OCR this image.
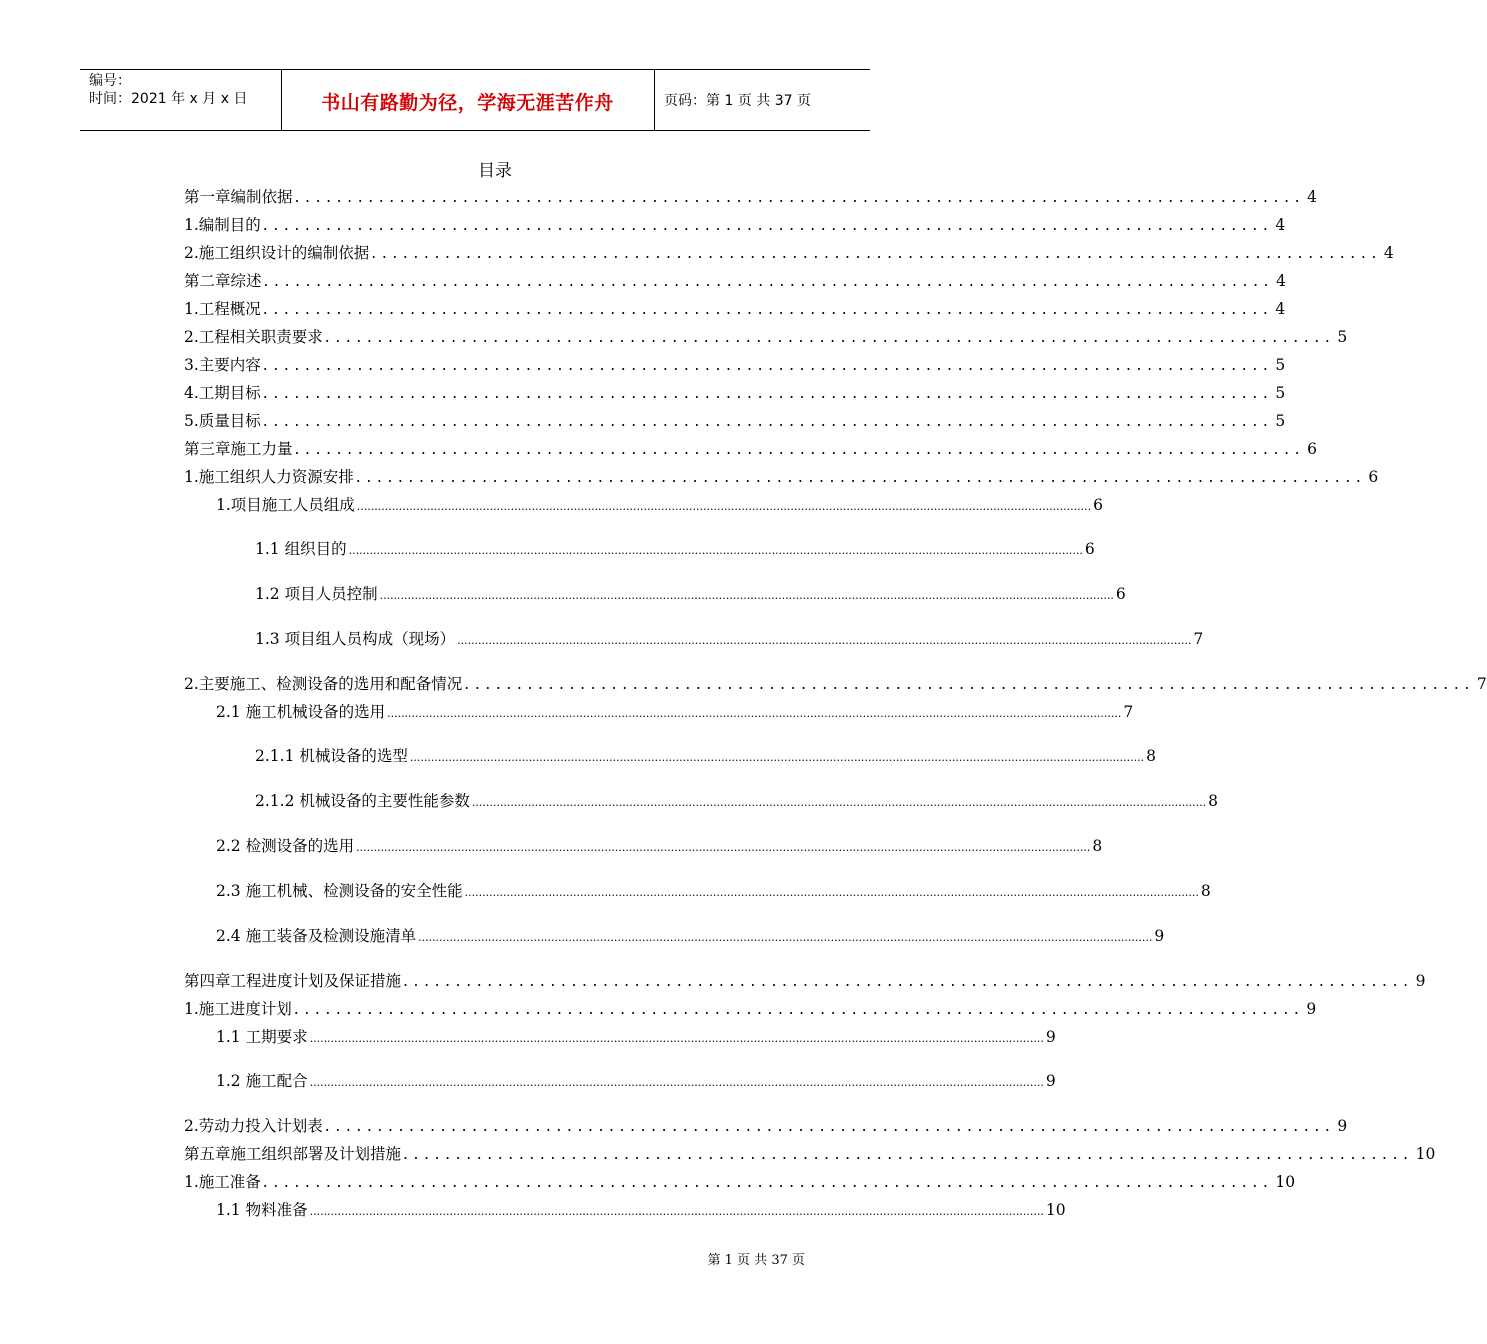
编号：
时间：2021 年 x 月 x 日	书山有路勤为径，学海无涯苦作舟	页码：第 1 页 共 37 页
目录
第一章 编制依据 ................................................................................................ 4
1.编制目的 ................................................................................................ 4
2.施工组织设计的编制依据 ................................................................................................ 4
第二章 综述 ................................................................................................ 4
1.工程概况 ................................................................................................ 4
2.工程相关职责要求 ................................................................................................ 5
3.主要内容 ................................................................................................ 5
4.工期目标 ................................................................................................ 5
5.质量目标 ................................................................................................ 5
第三章 施工力量 ................................................................................................ 6
1.施工组织人力资源安排 ................................................................................................ 6
1.项目施工人员组成 .................................................................................................................................................................................................................. 6
1.1 组织目的 .................................................................................................................................................................................................................. 6
1.2 项目人员控制 .................................................................................................................................................................................................................. 6
1.3 项目组人员构成（现场） .................................................................................................................................................................................................................. 7
2.主要施工、检测设备的选用和配备情况 ................................................................................................ 7
2.1 施工机械设备的选用 .................................................................................................................................................................................................................. 7
2.1.1 机械设备的选型 .................................................................................................................................................................................................................. 8
2.1.2 机械设备的主要性能参数 .................................................................................................................................................................................................................. 8
2.2 检测设备的选用 .................................................................................................................................................................................................................. 8
2.3 施工机械、检测设备的安全性能 .................................................................................................................................................................................................................. 8
2.4 施工装备及检测设施清单 .................................................................................................................................................................................................................. 9
第四章 工程进度计划及保证措施 ................................................................................................ 9
1.施工进度计划 ................................................................................................ 9
1.1 工期要求 .................................................................................................................................................................................................................. 9
1.2 施工配合 .................................................................................................................................................................................................................. 9
2.劳动力投入计划表 ................................................................................................ 9
第五章 施工组织部署及计划措施 ................................................................................................ 10
1.施工准备 ................................................................................................ 10
1.1 物料准备 .................................................................................................................................................................................................................. 10
第 1 页 共 37 页
